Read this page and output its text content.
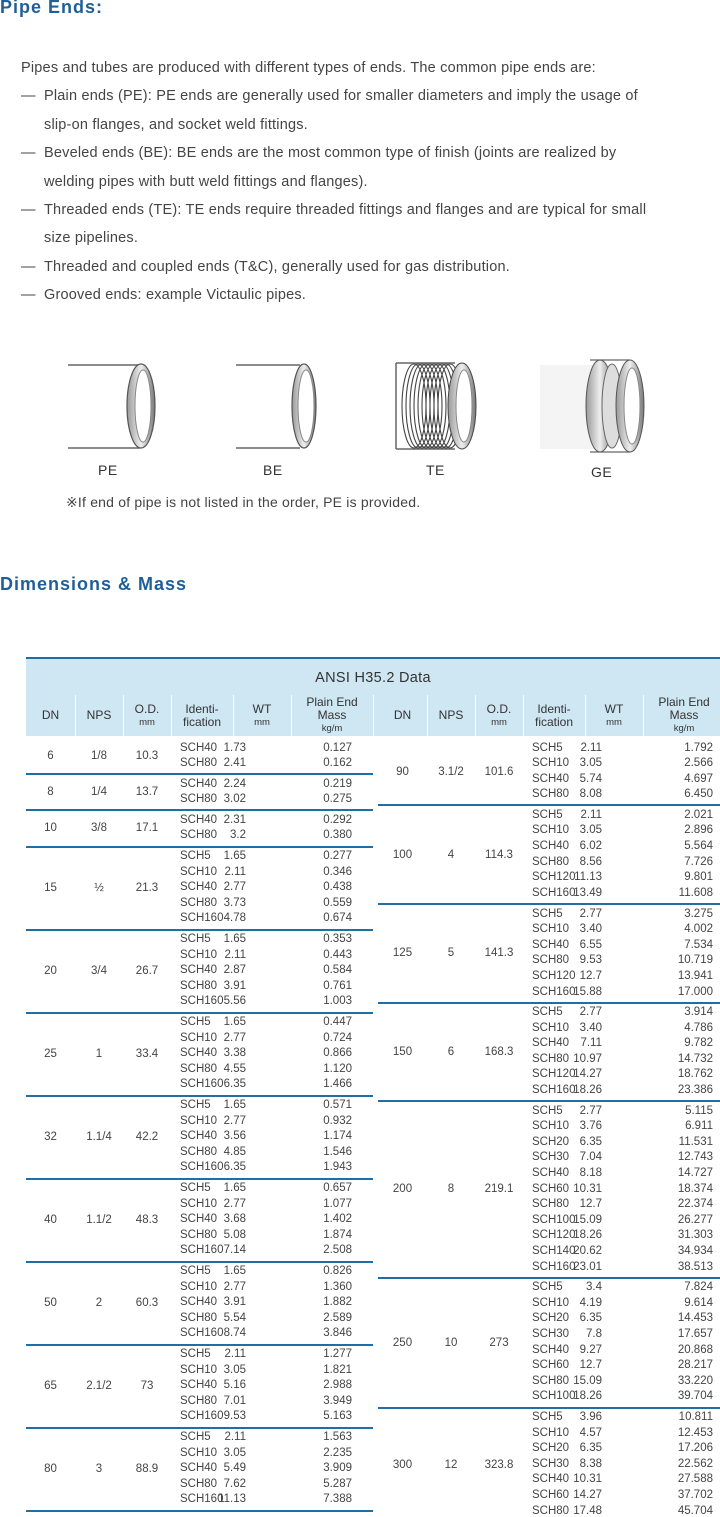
Pipe Ends:
Pipes and tubes are produced with different types of ends. The common pipe ends are:
— Plain ends (PE): PE ends are generally used for smaller diameters and imply the usage of
slip-on flanges, and socket weld fittings.
— Beveled ends (BE): BE ends are the most common type of finish (joints are realized by
welding pipes with butt weld fittings and flanges).
— Threaded ends (TE): TE ends require threaded fittings and flanges and are typical for small
size pipelines.
— Threaded and coupled ends (T&C), generally used for gas distribution.
— Grooved ends: example Victaulic pipes.
PE	BE	TE	GE
※If end of pipe is not listed in the order, PE is provided.
Dimensions & Mass
ANSI H35.2 Data
DN NPS O.D.
mm
Identi-
fication
WT
mm
Plain End
Mass
kg/m
DN NPS O.D.
mm
Identi-
fication
WT
mm
Plain End
Mass
kg/m
6	1/8	10.3
SCH40 1.73	0.127
SCH80 2.41	0.162
8	1/4	13.7
SCH40 2.24	0.219
SCH80 3.02	0.275
10	3/8	17.1
SCH40 2.31	0.292
SCH80	3.2	0.380
15	½	21.3
SCH5	1.65	0.277
SCH10 2.11	0.346
SCH40 2.77	0.438
SCH80 3.73	0.559
SCH160 4.78	0.674
20	3/4	26.7
SCH5	1.65	0.353
SCH10 2.11	0.443
SCH40 2.87	0.584
SCH80 3.91	0.761
SCH160 5.56	1.003
25	1	33.4
SCH5	1.65	0.447
SCH10 2.77	0.724
SCH40 3.38	0.866
SCH80 4.55	1.120
SCH160 6.35	1.466
32	1.1/4	42.2
SCH5	1.65	0.571
SCH10 2.77	0.932
SCH40 3.56	1.174
SCH80 4.85	1.546
SCH160 6.35	1.943
40	1.1/2	48.3
SCH5	1.65	0.657
SCH10 2.77	1.077
SCH40 3.68	1.402
SCH80 5.08	1.874
SCH160 7.14	2.508
50	2	60.3
SCH5	1.65	0.826
SCH10 2.77	1.360
SCH40 3.91	1.882
SCH80 5.54	2.589
SCH160 8.74	3.846
65	2.1/2	73
SCH5	2.11	1.277
SCH10 3.05	1.821
SCH40 5.16	2.988
SCH80 7.01	3.949
SCH160 9.53	5.163
80	3	88.9
SCH5	2.11	1.563
SCH10 3.05	2.235
SCH40 5.49	3.909
SCH80 7.62	5.287
SCH160
11.13	7.388
90	3.1/2	101.6
SCH5	2.11	1.792
SCH10 3.05	2.566
SCH40 5.74	4.697
SCH80 8.08	6.450
100	4	114.3
SCH5	2.11	2.021
SCH10 3.05	2.896
SCH40 6.02	5.564
SCH80 8.56	7.726
SCH120
11.13	9.801
SCH160
13.49	11.608
125	5	141.3
SCH5	2.77	3.275
SCH10 3.40	4.002
SCH40 6.55	7.534
SCH80 9.53	10.719
SCH120 12.7	13.941
SCH160
15.88	17.000
150	6	168.3
SCH5	2.77	3.914
SCH10 3.40	4.786
SCH40 7.11	9.782
SCH80 10.97	14.732
SCH120
14.27	18.762
SCH160
18.26	23.386
200	8	219.1
SCH5	2.77	5.115
SCH10 3.76	6.911
SCH20 6.35	11.531
SCH30 7.04	12.743
SCH40 8.18	14.727
SCH60 10.31	18.374
SCH80 12.7	22.374
SCH100
15.09	26.277
SCH120
18.26	31.303
SCH140
20.62	34.934
SCH160
23.01	38.513
250	10	273
SCH5	3.4	7.824
SCH10 4.19	9.614
SCH20 6.35	14.453
SCH30	7.8	17.657
SCH40 9.27	20.868
SCH60 12.7	28.217
SCH80 15.09	33.220
SCH100
18.26	39.704
300	12	323.8
SCH5	3.96	10.811
SCH10 4.57	12.453
SCH20 6.35	17.206
SCH30 8.38	22.562
SCH40 10.31	27.588
SCH60 14.27	37.702
SCH80 17.48	45.704
